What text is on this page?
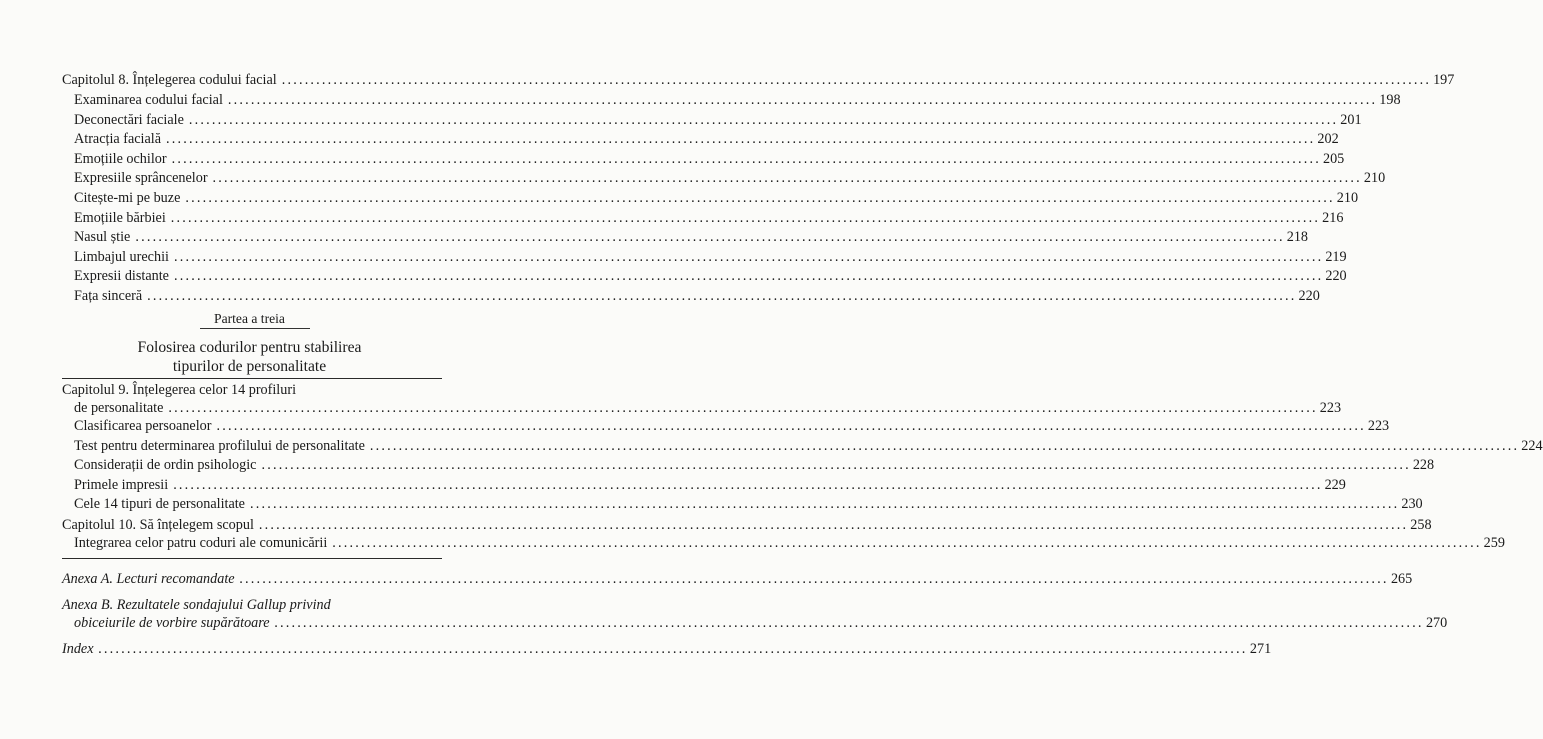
Capitolul 8. Înțelegerea codului facial ........................................................................................................................................................................................................ 197
Examinarea codului facial ........................................................................................................................................................................................................ 198
Deconectări faciale ........................................................................................................................................................................................................ 201
Atracția facială ........................................................................................................................................................................................................ 202
Emoțiile ochilor ........................................................................................................................................................................................................ 205
Expresiile sprâncenelor ........................................................................................................................................................................................................ 210
Citește-mi pe buze ........................................................................................................................................................................................................ 210
Emoțiile bărbiei ........................................................................................................................................................................................................ 216
Nasul știe ........................................................................................................................................................................................................ 218
Limbajul urechii ........................................................................................................................................................................................................ 219
Expresii distante ........................................................................................................................................................................................................ 220
Fața sinceră ........................................................................................................................................................................................................ 220
Partea a treia
Folosirea codurilor pentru stabilirea
tipurilor de personalitate
Capitolul 9. Înțelegerea celor 14 profiluri
de personalitate ........................................................................................................................................................................................................ 223
Clasificarea persoanelor ........................................................................................................................................................................................................ 223
Test pentru determinarea profilului de personalitate ........................................................................................................................................................................................................ 224
Considerații de ordin psihologic ........................................................................................................................................................................................................ 228
Primele impresii ........................................................................................................................................................................................................ 229
Cele 14 tipuri de personalitate ........................................................................................................................................................................................................ 230
Capitolul 10. Să înțelegem scopul ........................................................................................................................................................................................................ 258
Integrarea celor patru coduri ale comunicării ........................................................................................................................................................................................................ 259
Anexa A. Lecturi recomandate ........................................................................................................................................................................................................ 265
Anexa B. Rezultatele sondajului Gallup privind
obiceiurile de vorbire supărătoare ........................................................................................................................................................................................................ 270
Index ........................................................................................................................................................................................................ 271
